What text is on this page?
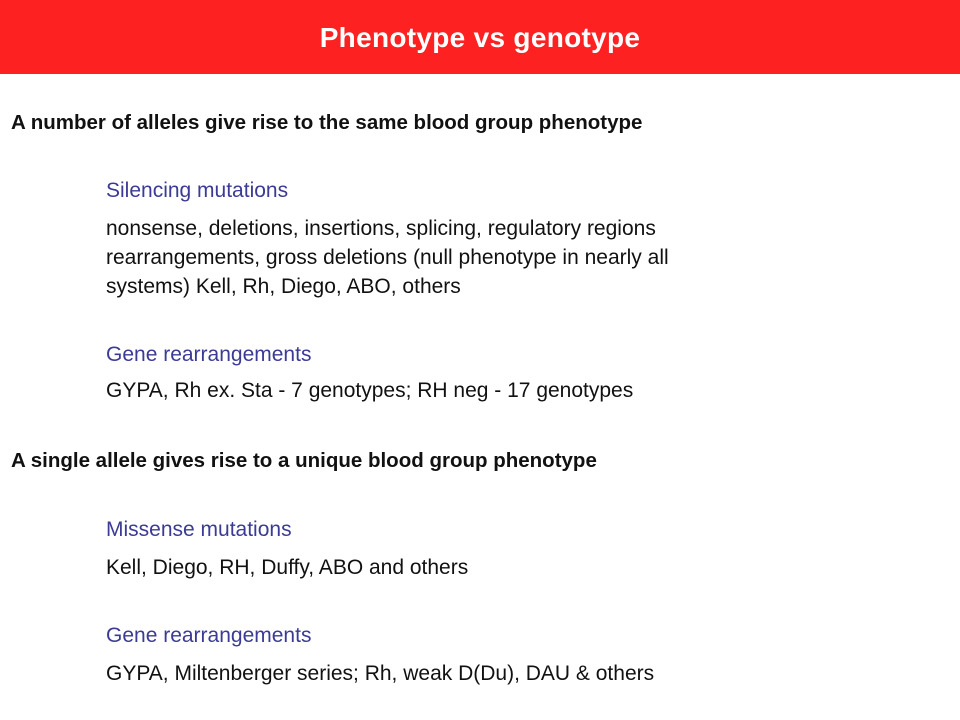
Phenotype vs genotype
A number of alleles give rise to the same blood group phenotype
Silencing mutations
nonsense, deletions, insertions, splicing, regulatory regions
rearrangements, gross deletions (null phenotype in nearly all
systems) Kell, Rh, Diego, ABO, others
Gene rearrangements
GYPA, Rh ex. Sta - 7 genotypes; RH neg - 17 genotypes
A single allele gives rise to a unique blood group phenotype
Missense mutations
Kell, Diego, RH, Duffy, ABO and others
Gene rearrangements
GYPA, Miltenberger series; Rh, weak D(Du), DAU & others
